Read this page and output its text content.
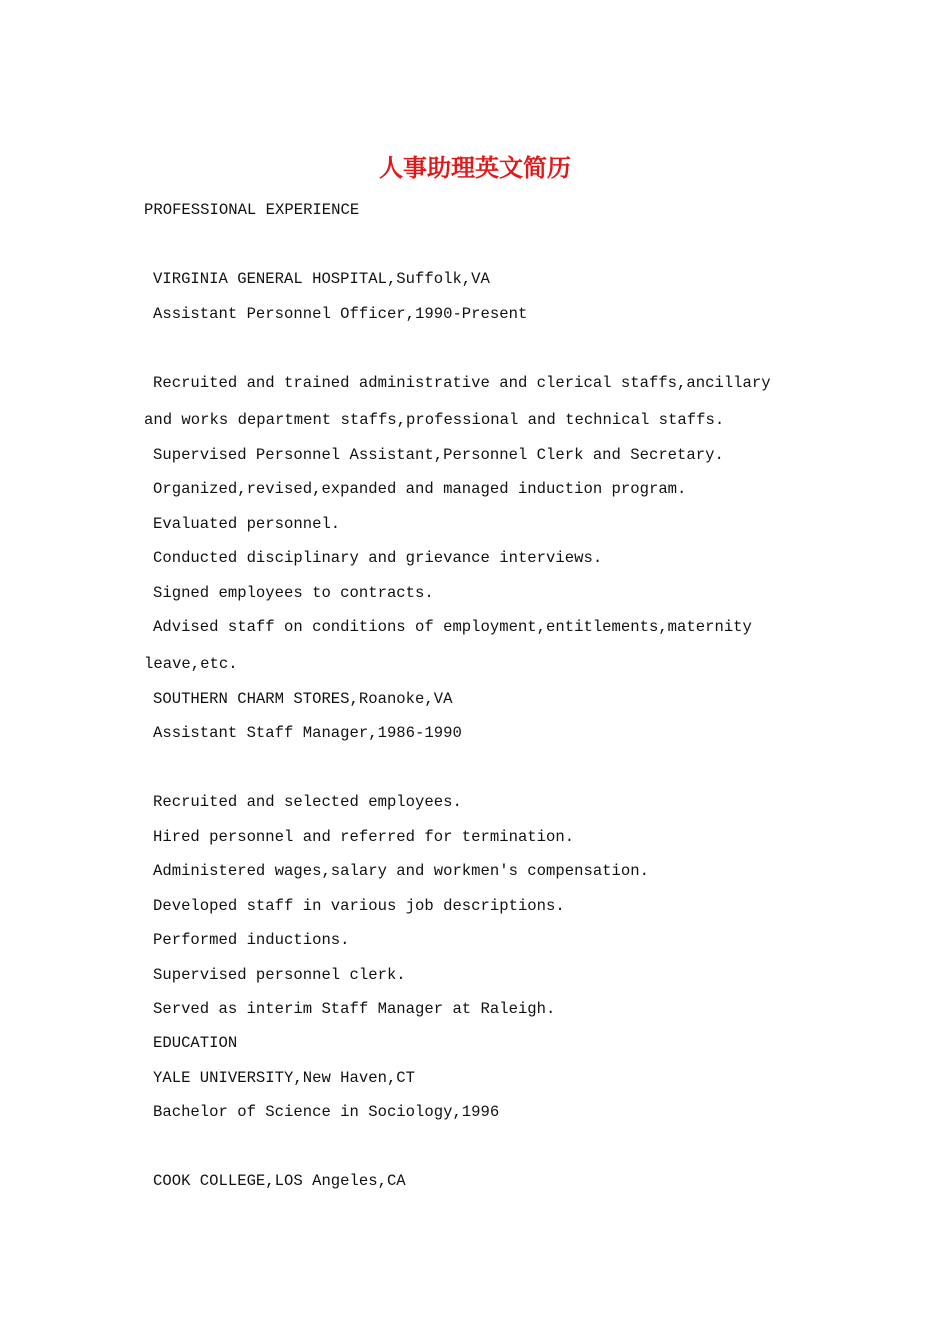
人事助理英文简历
PROFESSIONAL EXPERIENCE
VIRGINIA GENERAL HOSPITAL,Suffolk,VA
Assistant Personnel Officer,1990-Present
Recruited and trained administrative and clerical staffs,ancillary
and works department staffs,professional and technical staffs.
Supervised Personnel Assistant,Personnel Clerk and Secretary.
Organized,revised,expanded and managed induction program.
Evaluated personnel.
Conducted disciplinary and grievance interviews.
Signed employees to contracts.
Advised staff on conditions of employment,entitlements,maternity
leave,etc.
SOUTHERN CHARM STORES,Roanoke,VA
Assistant Staff Manager,1986-1990
Recruited and selected employees.
Hired personnel and referred for termination.
Administered wages,salary and workmen's compensation.
Developed staff in various job descriptions.
Performed inductions.
Supervised personnel clerk.
Served as interim Staff Manager at Raleigh.
EDUCATION
YALE UNIVERSITY,New Haven,CT
Bachelor of Science in Sociology,1996
COOK COLLEGE,LOS Angeles,CA
